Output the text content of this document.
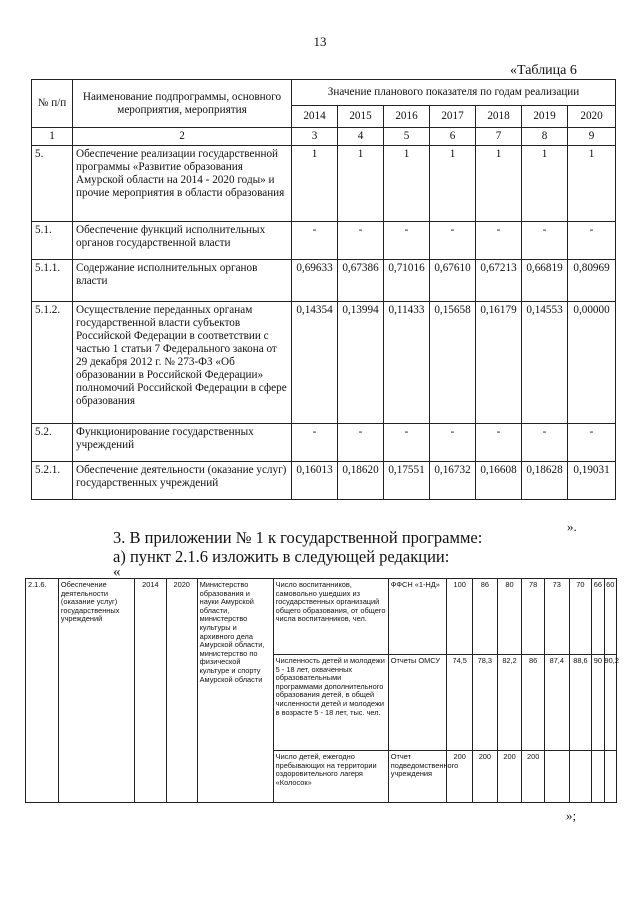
13
«Таблица 6
№ п/п	Наименование подпрограммы, основного мероприятия, мероприятия	Значение планового показателя по годам реализации						
		2014	2015	2016	2017	2018	2019	2020
1	2	3	4	5	6	7	8	9
5.	Обеспечение реализации государственной программы «Развитие образования Амурской области на 2014 - 2020 годы» и прочие мероприятия в области образования	1	1	1	1	1	1	1
5.1.	Обеспечение функций исполнительных органов государственной власти	-	-	-	-	-	-	-
5.1.1.	Содержание исполнительных органов власти	0,69633	0,67386	0,71016	0,67610	0,67213	0,66819	0,80969
5.1.2.	Осуществление переданных органам государственной власти субъектов Российской Федерации в соответствии с частью 1 статьи 7 Федерального закона от 29 декабря 2012 г. № 273-ФЗ «Об образовании в Российской Федерации» полномочий Российской Федерации в сфере образования	0,14354	0,13994	0,11433	0,15658	0,16179	0,14553	0,00000
5.2.	Функционирование государственных учреждений	-	-	-	-	-	-	-
5.2.1.	Обеспечение деятельности (оказание услуг) государственных учреждений	0,16013	0,18620	0,17551	0,16732	0,16608	0,18628	0,19031
».
3. В приложении № 1 к государственной программе:
а) пункт 2.1.6 изложить в следующей редакции:
«
2.1.6.	Обеспечение деятельности (оказание услуг) государственных учреждений	2014	2020	Министерство образования и науки Амурской области, министерство культуры и архивного дела Амурской области, министерство по физической культуре и спорту Амурской области	Число воспитанников, самовольно ушедших из государственных организаций общего образования, от общего числа воспитанников, чел.	ФФСН «1-НД»	100	86	80	78	73	70	66	60
					Численность детей и молодежи 5 - 18 лет, охваченных образовательными программами дополнительного образования детей, в общей численности детей и молодежи в возрасте 5 - 18 лет, тыс. чел.	Отчеты ОМСУ	74,5	78,3	82,2	86	87,4	88,6	90	90,2
					Число детей, ежегодно пребывающих на территории оздоровительного лагеря «Колосок»	Отчет подведомственного учреждения	200	200	200	200				
»;
